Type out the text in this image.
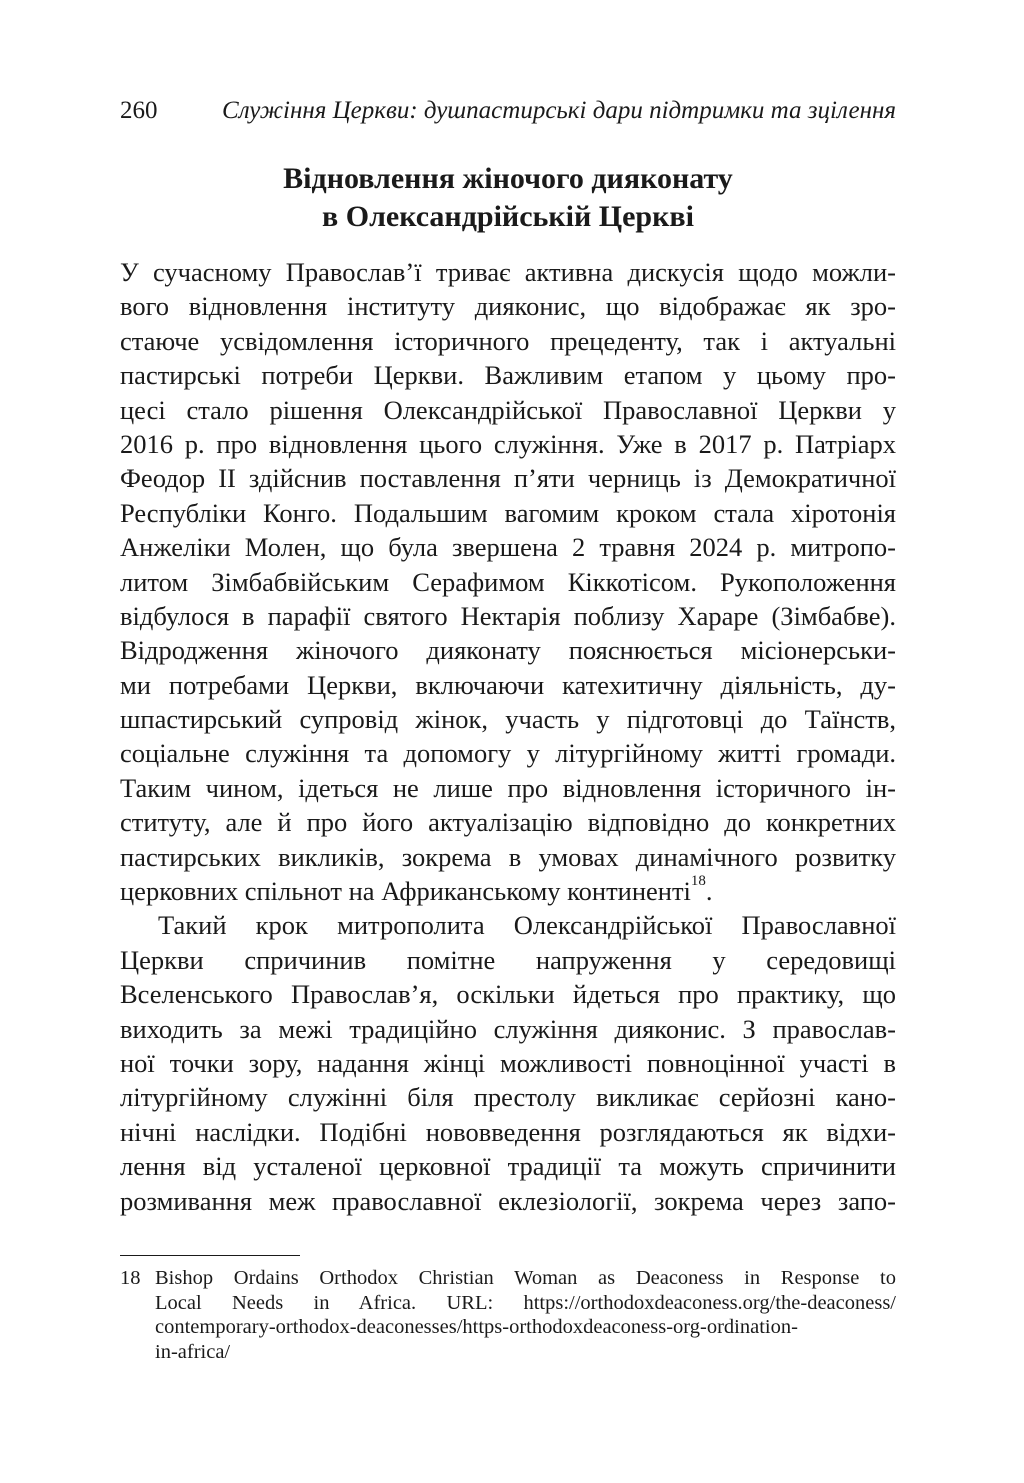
260	Служіння Церкви: душпастирські дари підтримки та зцілення
Відновлення жіночого дияконату
в Олександрійській Церкві
У сучасному Православ’ї триває активна дискусія щодо можли-
вого відновлення інституту дияконис, що відображає як зро-
стаюче усвідомлення історичного прецеденту, так і актуальні
пастирські потреби Церкви. Важливим етапом у цьому про-
цесі стало рішення Олександрійської Православної Церкви у
2016 р. про відновлення цього служіння. Уже в 2017 р. Патріарх
Феодор II здійснив поставлення п’яти черниць із Демократичної
Республіки Конго. Подальшим вагомим кроком стала хіротонія
Анжеліки Молен, що була звершена 2 травня 2024 р. митропо-
литом Зімбабвійським Серафимом Кіккотісом. Рукоположення
відбулося в парафії святого Нектарія поблизу Хараре (Зімбабве).
Відродження жіночого дияконату пояснюється місіонерськи-
ми потребами Церкви, включаючи катехитичну діяльність, ду-
шпастирський супровід жінок, участь у підготовці до Таїнств,
соціальне служіння та допомогу у літургійному житті громади.
Таким чином, ідеться не лише про відновлення історичного ін-
ституту, але й про його актуалізацію відповідно до конкретних
пастирських викликів, зокрема в умовах динамічного розвитку
церковних спільнот на Африканському континенті$^{18}$.
Такий крок митрополита Олександрійської Православної
Церкви спричинив помітне напруження у середовищі
Вселенського Православ’я, оскільки йдеться про практику, що
виходить за межі традиційно служіння дияконис. З православ-
ної точки зору, надання жінці можливості повноцінної участі в
літургійному служінні біля престолу викликає серйозні кано-
нічні наслідки. Подібні нововведення розглядаються як відхи-
лення від усталеної церковної традиції та можуть спричинити
розмивання меж православної еклезіології, зокрема через запо-
18 Bishop Ordains Orthodox Christian Woman as Deaconess in Response to
Local Needs in Africa. URL: https://orthodoxdeaconess.org/the-deaconess/
contemporary-orthodox-deaconesses/https-orthodoxdeaconess-org-ordination-
in-africa/
